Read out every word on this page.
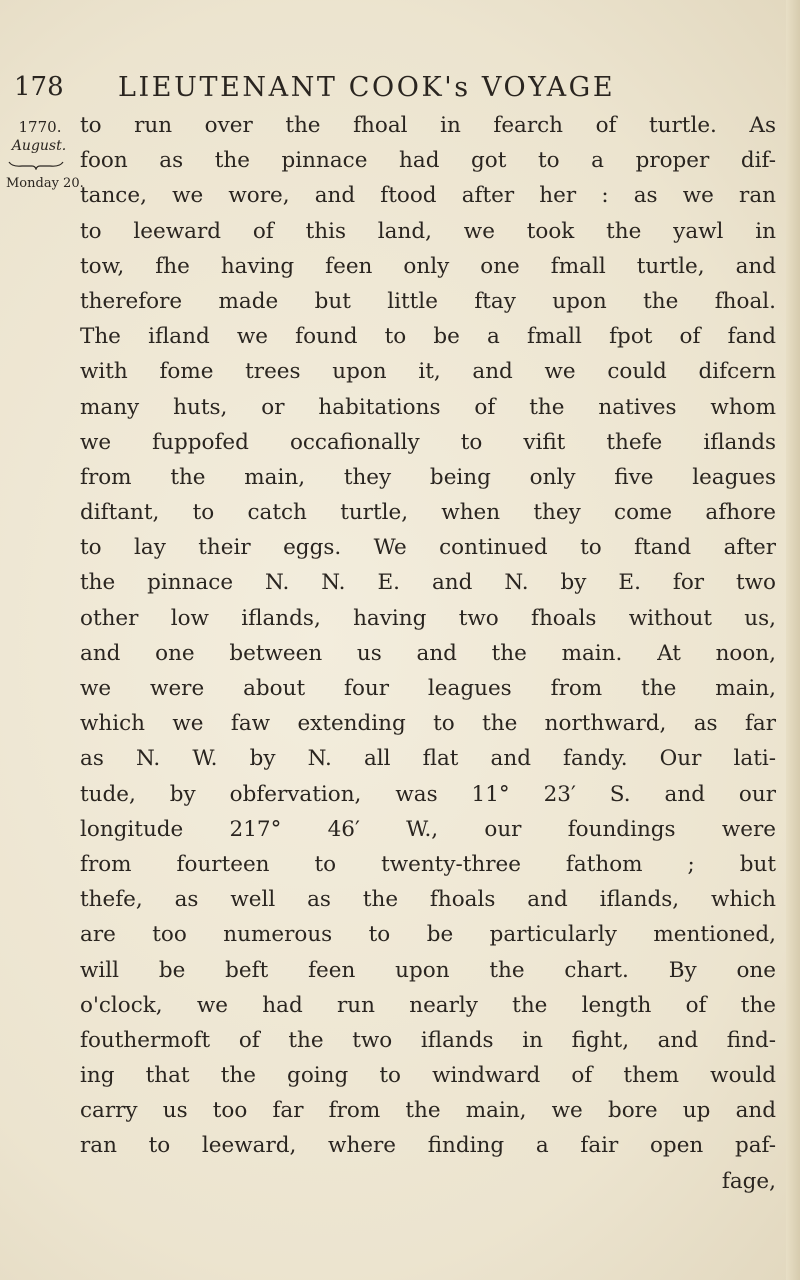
178 LIEUTENANT COOK's VOYAGE
1770.
August.
Monday 20.
to run over the fhoal in fearch of turtle. As
foon as the pinnace had got to a proper dif-
tance, we wore, and ftood after her : as we ran
to leeward of this land, we took the yawl in
tow, fhe having feen only one fmall turtle, and
therefore made but little ftay upon the fhoal.
The ifland we found to be a fmall fpot of fand
with fome trees upon it, and we could difcern
many huts, or habitations of the natives whom
we fuppofed occafionally to vifit thefe iflands
from the main, they being only five leagues
diftant, to catch turtle, when they come afhore
to lay their eggs. We continued to ftand after
the pinnace N. N. E. and N. by E. for two
other low iflands, having two fhoals without us,
and one between us and the main. At noon,
we were about four leagues from the main,
which we faw extending to the northward, as far
as N. W. by N. all flat and fandy. Our lati-
tude, by obfervation, was 11° 23′ S. and our
longitude 217° 46′ W., our foundings were
from fourteen to twenty-three fathom ; but
thefe, as well as the fhoals and iflands, which
are too numerous to be particularly mentioned,
will be beft feen upon the chart. By one
o'clock, we had run nearly the length of the
fouthermoft of the two iflands in fight, and find-
ing that the going to windward of them would
carry us too far from the main, we bore up and
ran to leeward, where finding a fair open paf-
fage,
